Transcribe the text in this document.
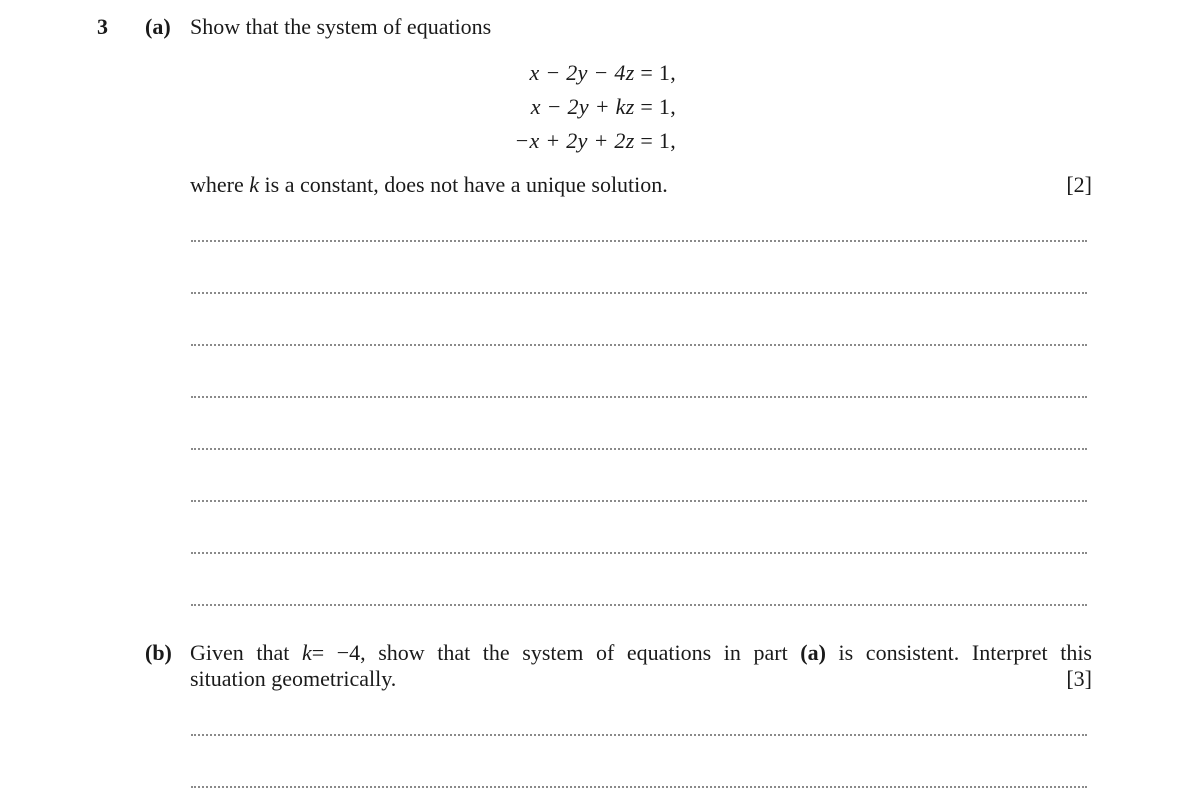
3 (a) Show that the system of equations
x − 2y − 4z = 1,
x − 2y + kz = 1,
−x + 2y + 2z = 1,
where k is a constant, does not have a unique solution.	[2]
(b) Given that k= −4, show that the system of equations in part (a) is consistent. Interpret this
situation geometrically.	[3]
